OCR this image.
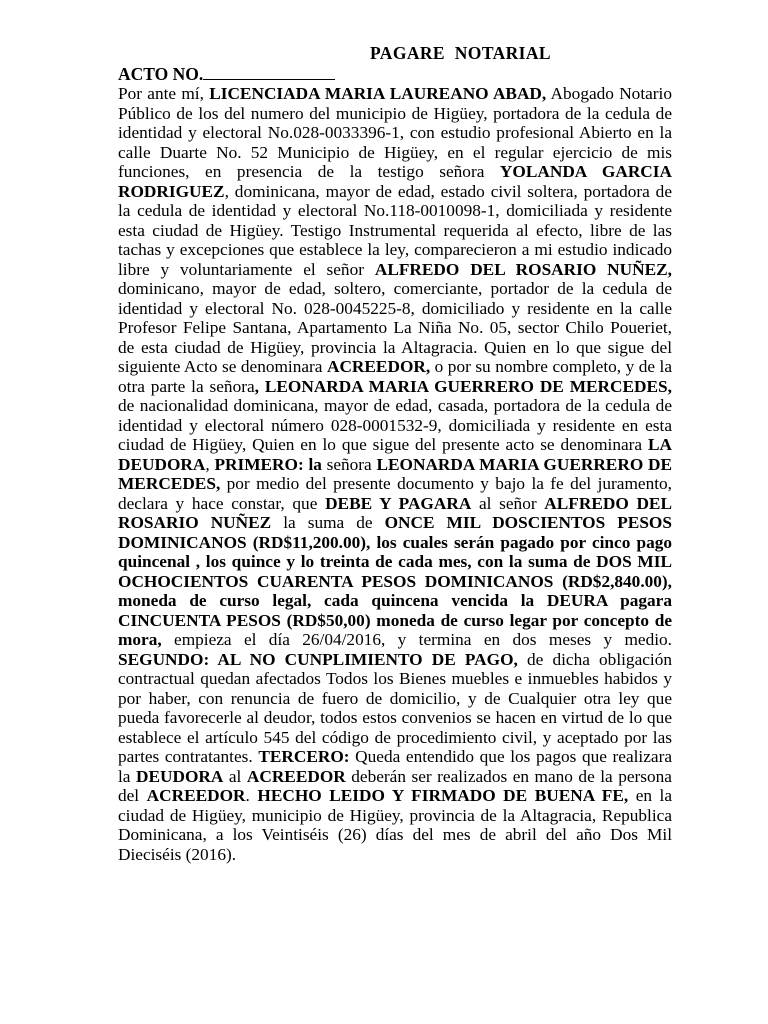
PAGARE NOTARIAL

ACTO NO.

Por ante mí, LICENCIADA MARIA LAUREANO ABAD, Abogado Notario Público de los del numero del municipio de Higüey, portadora de la cedula de identidad y electoral No.028-0033396-1, con estudio profesional Abierto en la calle Duarte No. 52 Municipio de Higüey, en el regular ejercicio de mis funciones, en presencia de la testigo señora YOLANDA GARCIA RODRIGUEZ, dominicana, mayor de edad, estado civil soltera, portadora de la cedula de identidad y electoral No.118-0010098-1, domiciliada y residente esta ciudad de Higüey. Testigo Instrumental requerida al efecto, libre de las tachas y excepciones que establece la ley, comparecieron a mi estudio indicado libre y voluntariamente el señor ALFREDO DEL ROSARIO NUÑEZ, dominicano, mayor de edad, soltero, comerciante, portador de la cedula de identidad y electoral No. 028-0045225-8, domiciliado y residente en la calle Profesor Felipe Santana, Apartamento La Niña No. 05, sector Chilo Poueriet, de esta ciudad de Higüey, provincia la Altagracia. Quien en lo que sigue del siguiente Acto se denominara ACREEDOR, o por su nombre completo, y de la otra parte la señora, LEONARDA MARIA GUERRERO DE MERCEDES, de nacionalidad dominicana, mayor de edad, casada, portadora de la cedula de identidad y electoral número 028-0001532-9, domiciliada y residente en esta ciudad de Higüey, Quien en lo que sigue del presente acto se denominara LA DEUDORA, PRIMERO: la señora LEONARDA MARIA GUERRERO DE MERCEDES, por medio del presente documento y bajo la fe del juramento, declara y hace constar, que DEBE Y PAGARA al señor ALFREDO DEL ROSARIO NUÑEZ la suma de ONCE MIL DOSCIENTOS PESOS DOMINICANOS (RD$11,200.00), los cuales serán pagado por cinco pago quincenal , los quince y lo treinta de cada mes, con la suma de DOS MIL OCHOCIENTOS CUARENTA PESOS DOMINICANOS (RD$2,840.00), moneda de curso legal, cada quincena vencida la DEURA pagara CINCUENTA PESOS (RD$50,00) moneda de curso legar por concepto de mora, empieza el día 26/04/2016, y termina en dos meses y medio. SEGUNDO: AL NO CUNPLIMIENTO DE PAGO, de dicha obligación contractual quedan afectados Todos los Bienes muebles e inmuebles habidos y por haber, con renuncia de fuero de domicilio, y de Cualquier otra ley que pueda favorecerle al deudor, todos estos convenios se hacen en virtud de lo que establece el artículo 545 del código de procedimiento civil, y aceptado por las partes contratantes. TERCERO: Queda entendido que los pagos que realizara la DEUDORA al ACREEDOR deberán ser realizados en mano de la persona del ACREEDOR. HECHO LEIDO Y FIRMADO DE BUENA FE, en la ciudad de Higüey, municipio de Higüey, provincia de la Altagracia, Republica Dominicana, a los Veintiséis (26) días del mes de abril del año Dos Mil Dieciséis (2016).
